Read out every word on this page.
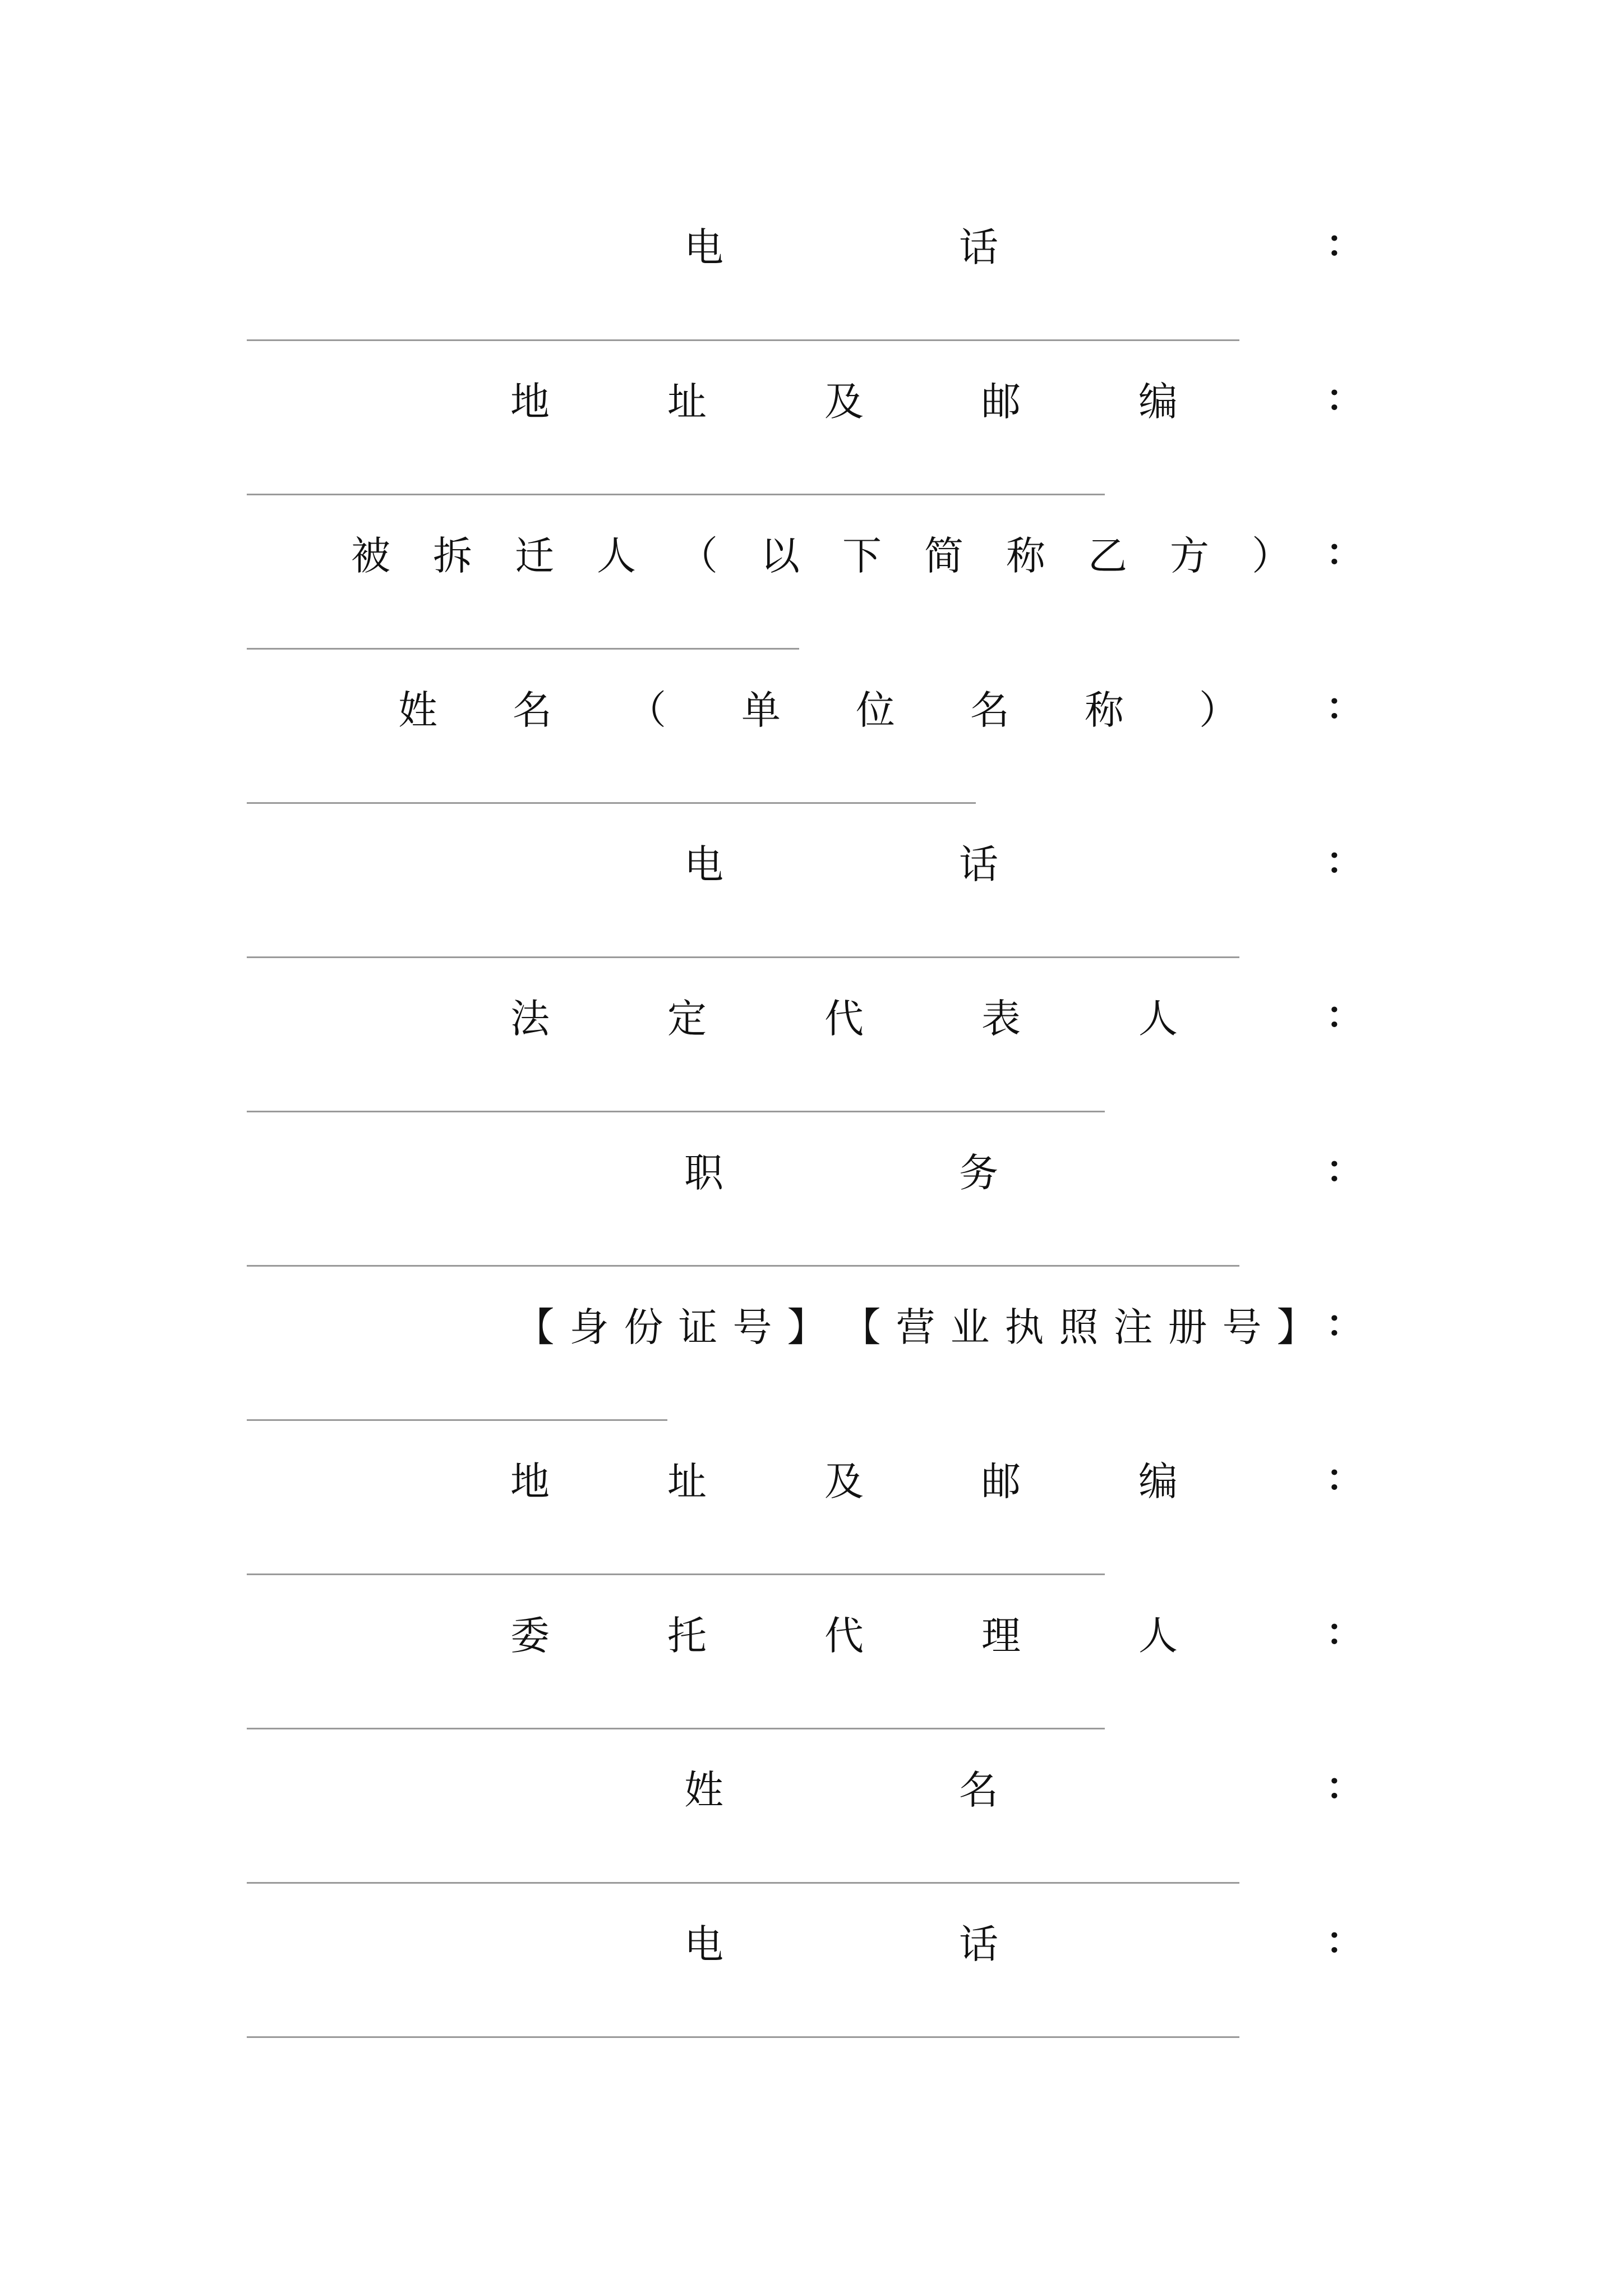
电	话	：
地	址	及	邮	编	：
被	拆	迁	人	（	以	下	简	称	乙	方	） ：
姓	名	（	单	位	名	称	）	：
电	话	：
法	定	代	表	人	：
职	务	：
【 身 份 证 号 】 【 营 业 执 照 注 册 号 】 ：
地	址	及	邮	编	：
委	托	代	理	人	：
姓	名	：
电	话	：
